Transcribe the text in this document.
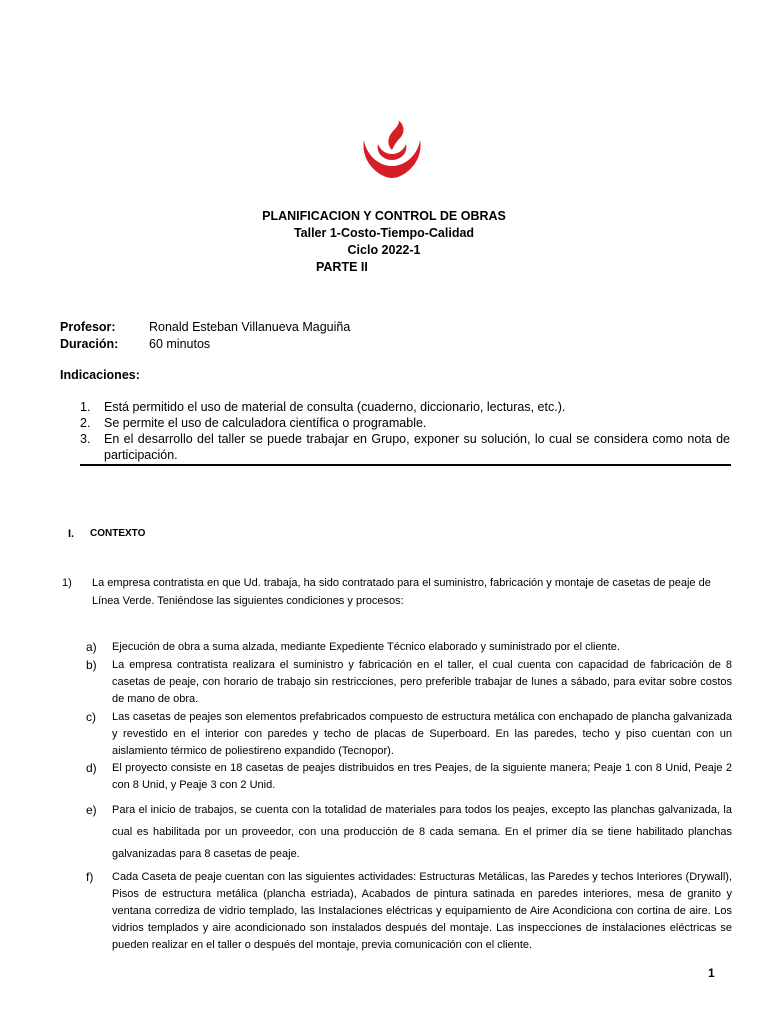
PLANIFICACION Y CONTROL DE OBRAS
Taller 1-Costo-Tiempo-Calidad
Ciclo 2022-1
PARTE II
Profesor:	Ronald Esteban Villanueva Maguiña
Duración: 60 minutos
Indicaciones:
1.	Está permitido el uso de material de consulta (cuaderno, diccionario, lecturas, etc.).
2.	Se permite el uso de calculadora científica o programable.
3.	En el desarrollo del taller se puede trabajar en Grupo, exponer su solución, lo cual se considera como nota de participación.
I.	CONTEXTO
1)	La empresa contratista en que Ud. trabaja, ha sido contratado para el suministro, fabricación y montaje de casetas de peaje de Línea Verde. Teniéndose las siguientes condiciones y procesos:
a)	Ejecución de obra a suma alzada, mediante Expediente Técnico elaborado y suministrado por el cliente.
b)	La empresa contratista realizara el suministro y fabricación en el taller, el cual cuenta con capacidad de fabricación de 8 casetas de peaje, con horario de trabajo sin restricciones, pero preferible trabajar de lunes a sábado, para evitar sobre costos de mano de obra.
c)	Las casetas de peajes son elementos prefabricados compuesto de estructura metálica con enchapado de plancha galvanizada y revestido en el interior con paredes y techo de placas de Superboard. En las paredes, techo y piso cuentan con un aislamiento térmico de poliestireno expandido (Tecnopor).
d)	El proyecto consiste en 18 casetas de peajes distribuidos en tres Peajes, de la siguiente manera; Peaje 1 con 8 Unid, Peaje 2 con 8 Unid, y Peaje 3 con 2 Unid.
e)	Para el inicio de trabajos, se cuenta con la totalidad de materiales para todos los peajes, excepto las planchas galvanizada, la cual es habilitada por un proveedor, con una producción de 8 cada semana. En el primer día se tiene habilitado planchas galvanizadas para 8 casetas de peaje.
f)	Cada Caseta de peaje cuentan con las siguientes actividades: Estructuras Metálicas, las Paredes y techos Interiores (Drywall), Pisos de estructura metálica (plancha estriada), Acabados de pintura satinada en paredes interiores, mesa de granito y ventana corrediza de vidrio templado, las Instalaciones eléctricas y equipamiento de Aire Acondiciona con cortina de aire. Los vidrios templados y aire acondicionado son instalados después del montaje. Las inspecciones de instalaciones eléctricas se pueden realizar en el taller o después del montaje, previa comunicación con el cliente.
1
